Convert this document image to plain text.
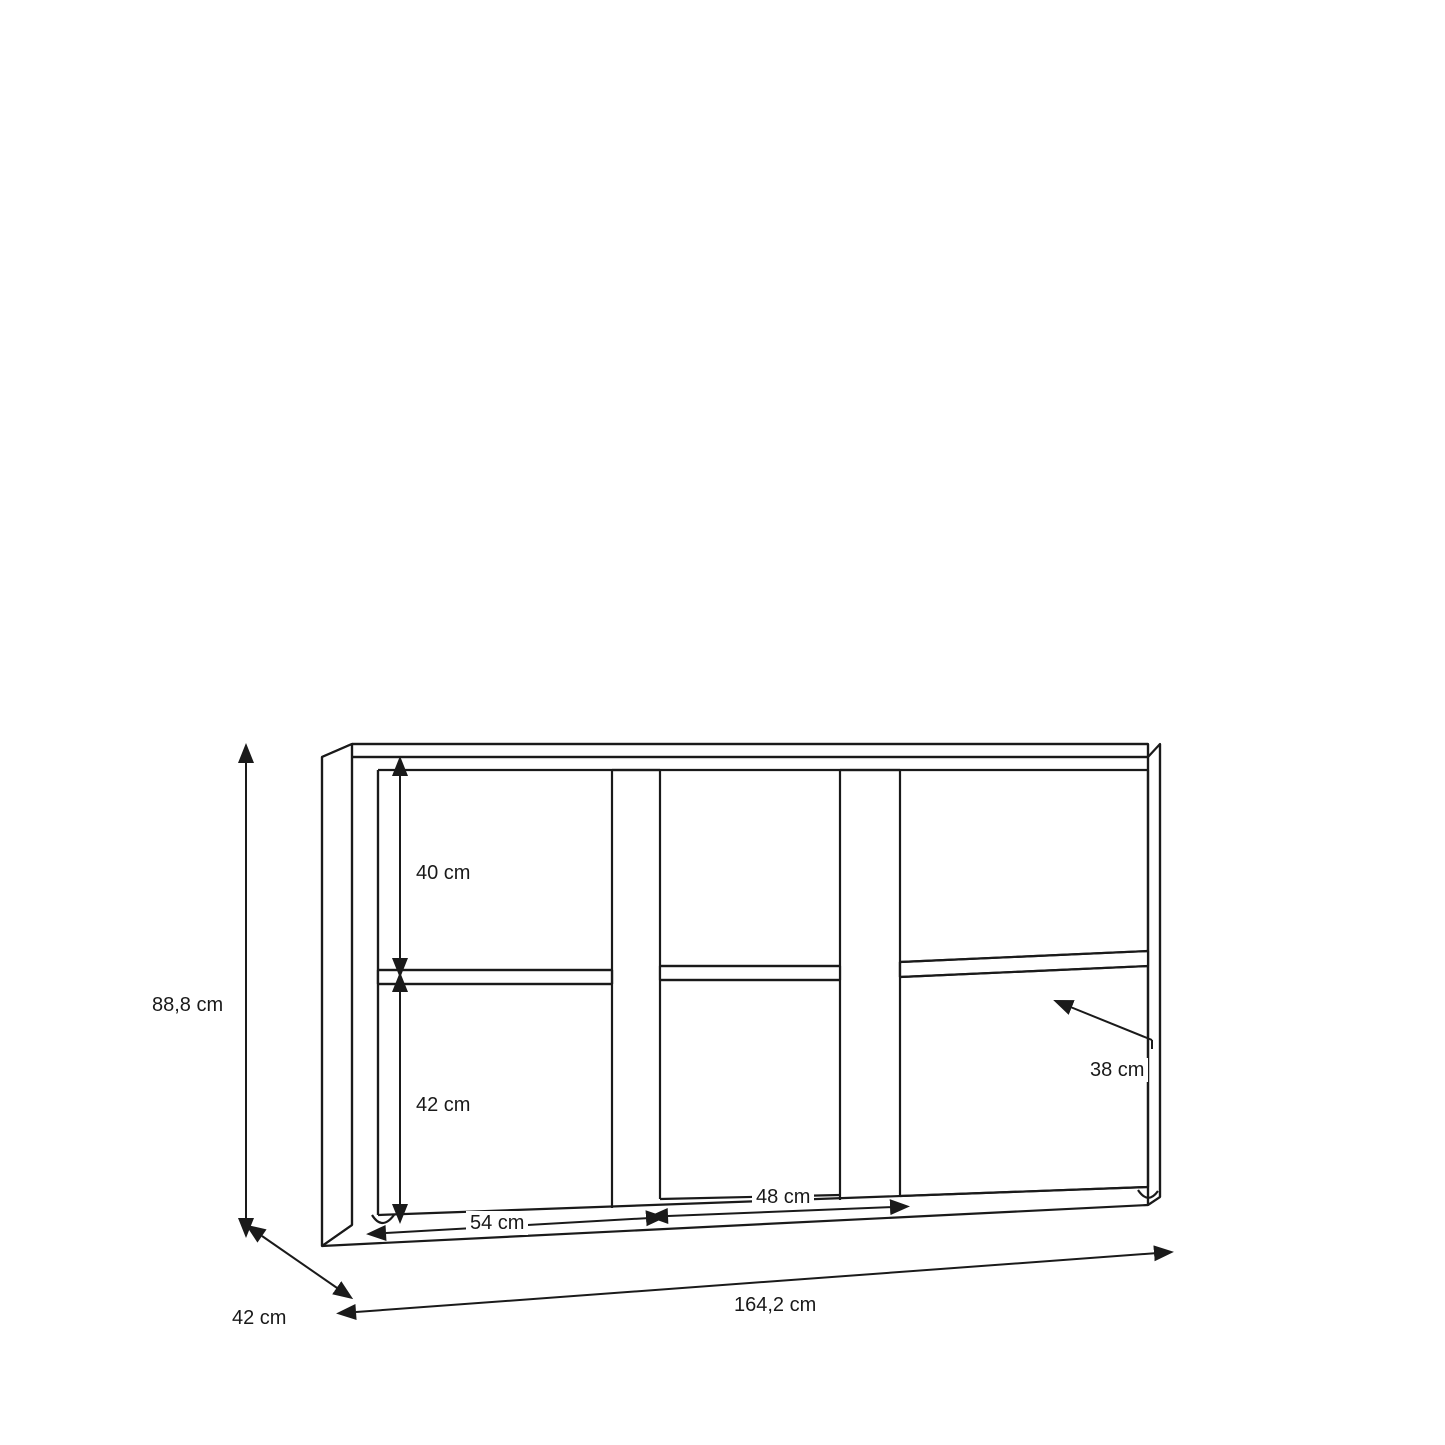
88,8 cm
42 cm
164,2 cm
40 cm
42 cm
38 cm
54 cm
48 cm
